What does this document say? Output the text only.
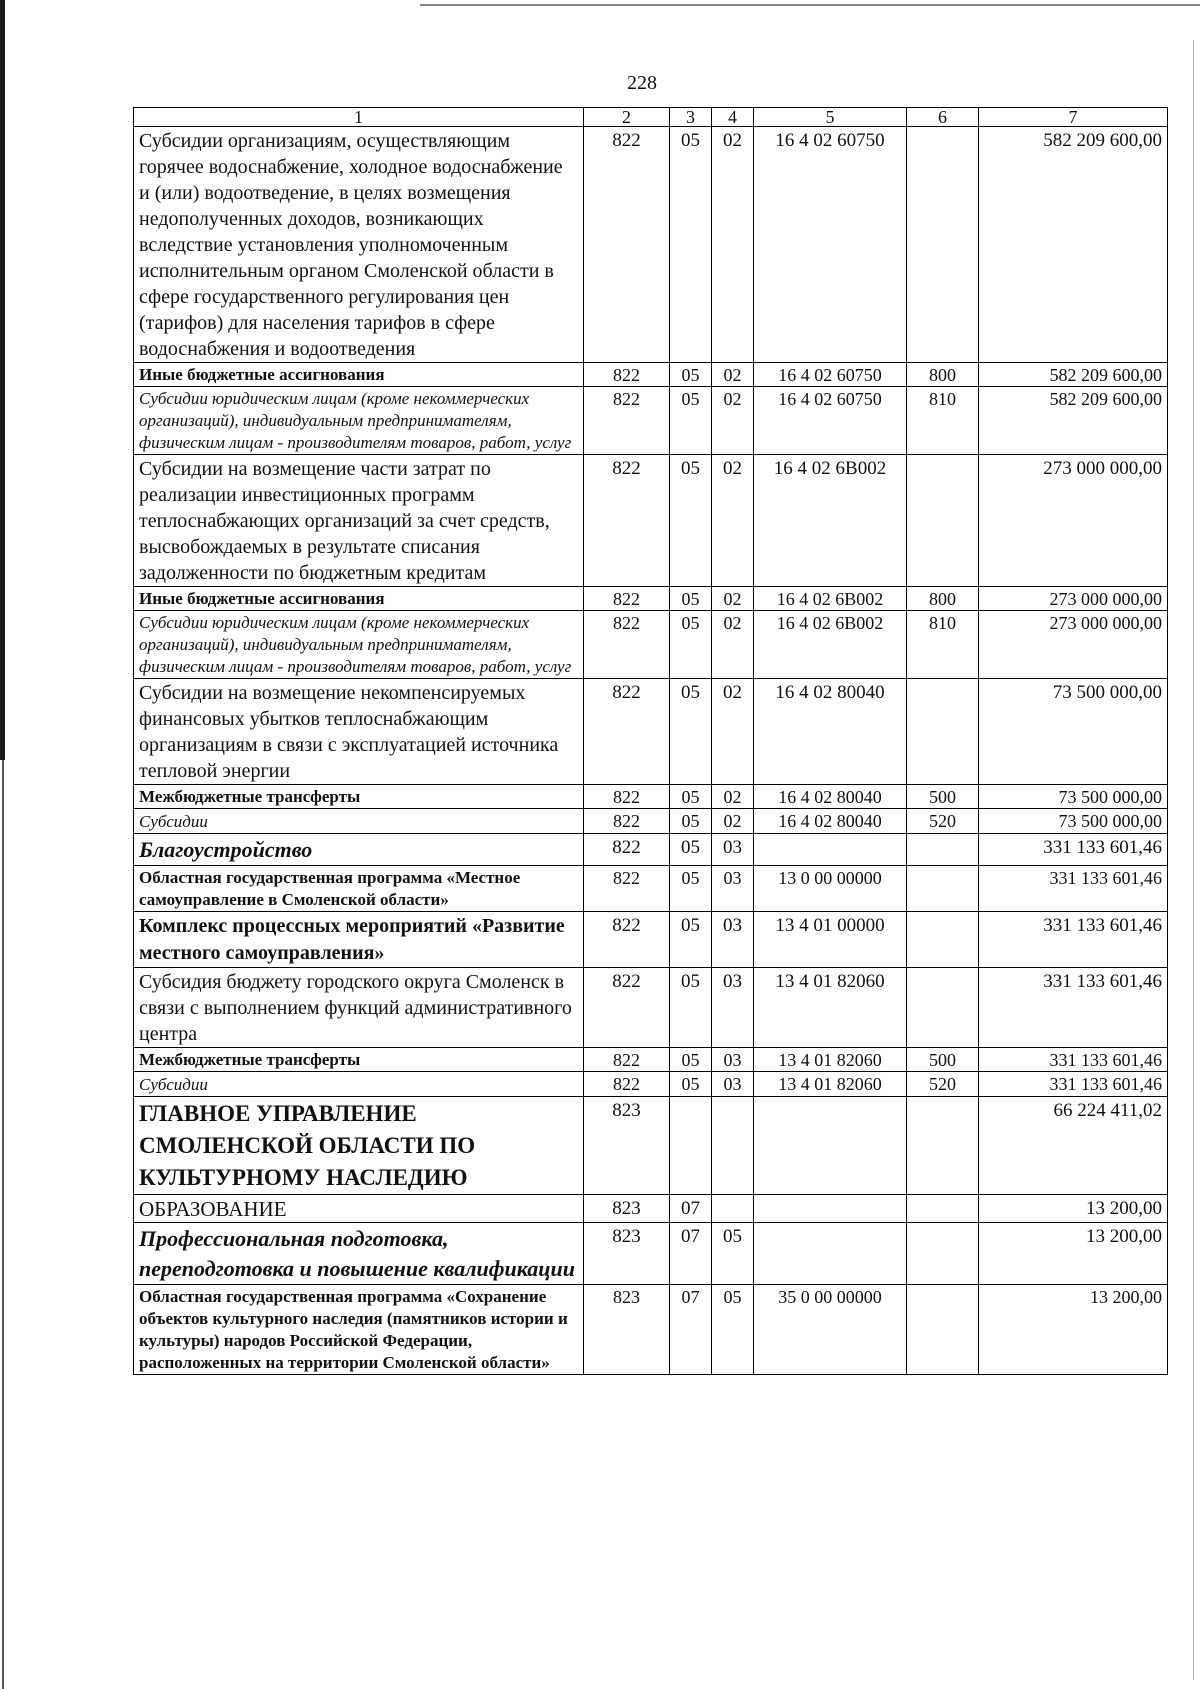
228
1	2	3	4	5	6	7
Субсидии организациям, осуществляющим горячее водоснабжение, холодное водоснабжение и (или) водоотведение, в целях возмещения недополученных доходов, возникающих вследствие установления уполномоченным исполнительным органом Смоленской области в сфере государственного регулирования цен (тарифов) для населения тарифов в сфере водоснабжения и водоотведения	822	05	02	16 4 02 60750		582 209 600,00
Иные бюджетные ассигнования	822	05	02	16 4 02 60750	800	582 209 600,00
Субсидии юридическим лицам (кроме некоммерческих организаций), индивидуальным предпринимателям, физическим лицам - производителям товаров, работ, услуг	822	05	02	16 4 02 60750	810	582 209 600,00
Субсидии на возмещение части затрат по реализации инвестиционных программ теплоснабжающих организаций за счет средств, высвобождаемых в результате списания задолженности по бюджетным кредитам	822	05	02	16 4 02 6В002		273 000 000,00
Иные бюджетные ассигнования	822	05	02	16 4 02 6В002	800	273 000 000,00
Субсидии юридическим лицам (кроме некоммерческих организаций), индивидуальным предпринимателям, физическим лицам - производителям товаров, работ, услуг	822	05	02	16 4 02 6В002	810	273 000 000,00
Субсидии на возмещение некомпенсируемых финансовых убытков теплоснабжающим организациям в связи с эксплуатацией источника тепловой энергии	822	05	02	16 4 02 80040		73 500 000,00
Межбюджетные трансферты	822	05	02	16 4 02 80040	500	73 500 000,00
Субсидии	822	05	02	16 4 02 80040	520	73 500 000,00
Благоустройство	822	05	03			331 133 601,46
Областная государственная программа «Местное самоуправление в Смоленской области»	822	05	03	13 0 00 00000		331 133 601,46
Комплекс процессных мероприятий «Развитие местного самоуправления»	822	05	03	13 4 01 00000		331 133 601,46
Субсидия бюджету городского округа Смоленск в связи с выполнением функций административного центра	822	05	03	13 4 01 82060		331 133 601,46
Межбюджетные трансферты	822	05	03	13 4 01 82060	500	331 133 601,46
Субсидии	822	05	03	13 4 01 82060	520	331 133 601,46
ГЛАВНОЕ УПРАВЛЕНИЕ СМОЛЕНСКОЙ ОБЛАСТИ ПО КУЛЬТУРНОМУ НАСЛЕДИЮ	823					66 224 411,02
ОБРАЗОВАНИЕ	823	07				13 200,00
Профессиональная подготовка, переподготовка и повышение квалификации	823	07	05			13 200,00
Областная государственная программа «Сохранение объектов культурного наследия (памятников истории и культуры) народов Российской Федерации, расположенных на территории Смоленской области»	823	07	05	35 0 00 00000		13 200,00
